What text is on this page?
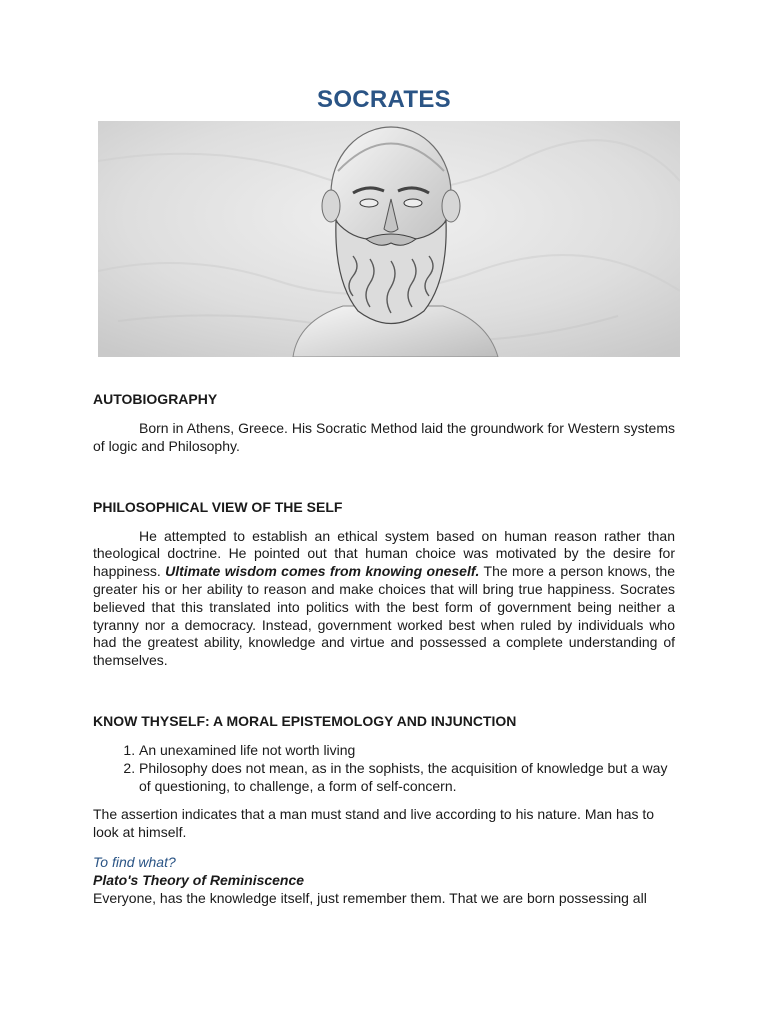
SOCRATES
AUTOBIOGRAPHY

Born in Athens, Greece. His Socratic Method laid the groundwork for Western systems of logic and Philosophy.

PHILOSOPHICAL VIEW OF THE SELF

He attempted to establish an ethical system based on human reason rather than theological doctrine. He pointed out that human choice was motivated by the desire for happiness. Ultimate wisdom comes from knowing oneself. The more a person knows, the greater his or her ability to reason and make choices that will bring true happiness. Socrates believed that this translated into politics with the best form of government being neither a tyranny nor a democracy. Instead, government worked best when ruled by individuals who had the greatest ability, knowledge and virtue and possessed a complete understanding of themselves.

KNOW THYSELF: A MORAL EPISTEMOLOGY AND INJUNCTION
1. An unexamined life not worth living
2. Philosophy does not mean, as in the sophists, the acquisition of knowledge but a way of questioning, to challenge, a form of self-concern.

The assertion indicates that a man must stand and live according to his nature. Man has to look at himself.

To find what?

Plato's Theory of Reminiscence

Everyone, has the knowledge itself, just remember them. That we are born possessing all
